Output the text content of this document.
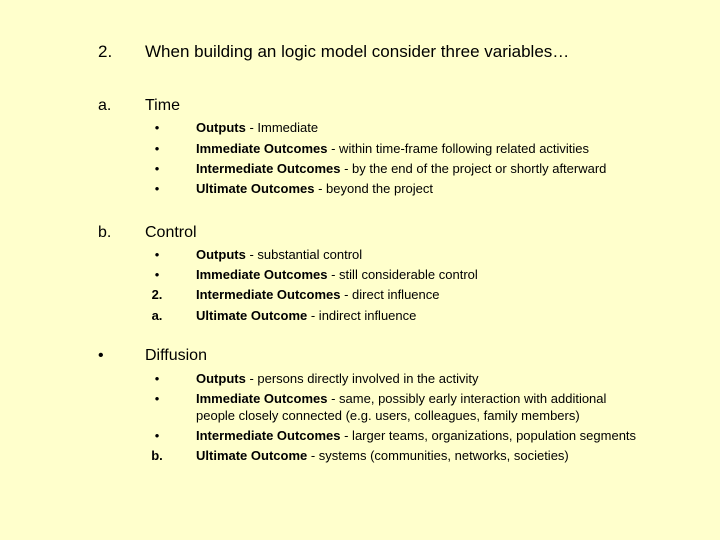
2. When building an logic model consider three variables…
a. Time
•	Outputs - Immediate
•	Immediate Outcomes - within time-frame following related activities
•	Intermediate Outcomes - by the end of the project or shortly afterward
•	Ultimate Outcomes - beyond the project
b. Control
•	Outputs - substantial control
•	Immediate Outcomes - still considerable control
2.	Intermediate Outcomes - direct influence
a.	Ultimate Outcome - indirect influence
•	Diffusion
•	Outputs - persons directly involved in the activity
•	Immediate Outcomes - same, possibly early interaction with additional
people closely connected (e.g. users, colleagues, family members)
•	Intermediate Outcomes - larger teams, organizations, population segments
b.	Ultimate Outcome - systems (communities, networks, societies)
